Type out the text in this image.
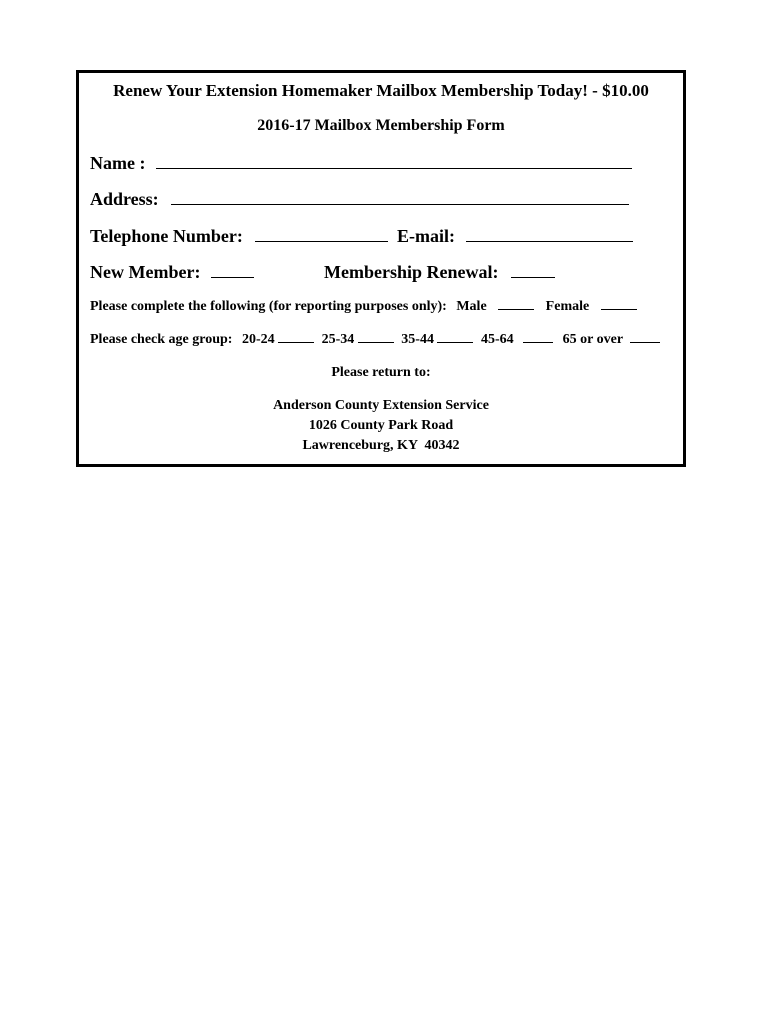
Renew Your Extension Homemaker Mailbox Membership Today! - $10.00
2016-17 Mailbox Membership Form
Name :
Address:
Telephone Number:	E-mail:
New Member:	Membership Renewal:
Please complete the following (for reporting purposes only): Male	Female
Please check age group: 20-24	25-34	35-44	45-64	65 or over
Please return to:
Anderson County Extension Service
1026 County Park Road
Lawrenceburg, KY  40342
